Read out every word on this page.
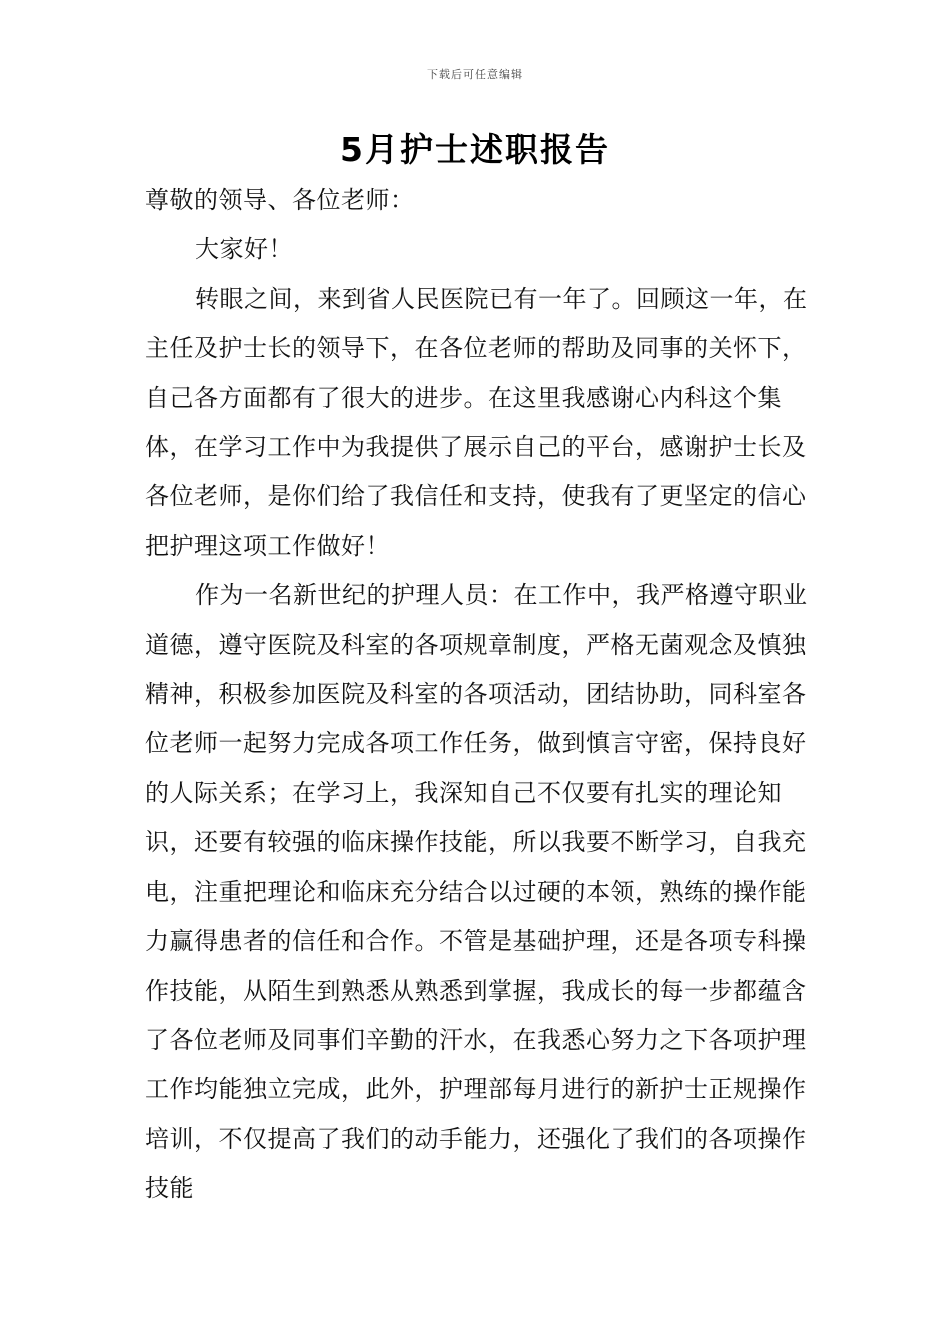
下载后可任意编辑
5月护士述职报告

尊敬的领导、各位老师：

大家好！

转眼之间，来到省人民医院已有一年了。回顾这一年，在主任及护士长的领导下，在各位老师的帮助及同事的关怀下，自己各方面都有了很大的进步。在这里我感谢心内科这个集体，在学习工作中为我提供了展示自己的平台，感谢护士长及各位老师，是你们给了我信任和支持，使我有了更坚定的信心把护理这项工作做好！

作为一名新世纪的护理人员：在工作中，我严格遵守职业道德，遵守医院及科室的各项规章制度，严格无菌观念及慎独精神，积极参加医院及科室的各项活动，团结协助，同科室各位老师一起努力完成各项工作任务，做到慎言守密，保持良好的人际关系；在学习上，我深知自己不仅要有扎实的理论知识，还要有较强的临床操作技能，所以我要不断学习，自我充电，注重把理论和临床充分结合以过硬的本领，熟练的操作能力赢得患者的信任和合作。不管是基础护理，还是各项专科操作技能，从陌生到熟悉从熟悉到掌握，我成长的每一步都蕴含了各位老师及同事们辛勤的汗水，在我悉心努力之下各项护理工作均能独立完成，此外，护理部每月进行的新护士正规操作培训，不仅提高了我们的动手能力，还强化了我们的各项操作技能
